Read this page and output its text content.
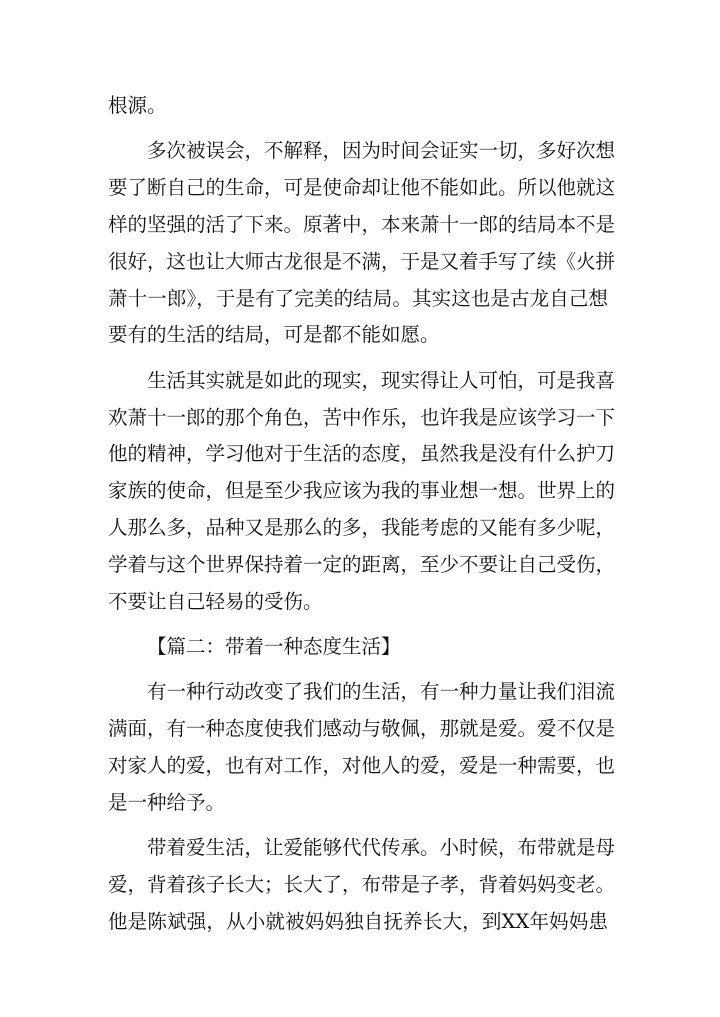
根源。
多次被误会，不解释，因为时间会证实一切，多好次想
要了断自己的生命，可是使命却让他不能如此。所以他就这
样的坚强的活了下来。原著中，本来萧十一郎的结局本不是
很好，这也让大师古龙很是不满，于是又着手写了续《火拼
萧十一郎》，于是有了完美的结局。其实这也是古龙自己想
要有的生活的结局，可是都不能如愿。
生活其实就是如此的现实，现实得让人可怕，可是我喜
欢萧十一郎的那个角色，苦中作乐，也许我是应该学习一下
他的精神，学习他对于生活的态度，虽然我是没有什么护刀
家族的使命，但是至少我应该为我的事业想一想。世界上的
人那么多，品种又是那么的多，我能考虑的又能有多少呢，
学着与这个世界保持着一定的距离，至少不要让自己受伤，
不要让自己轻易的受伤。
【篇二：带着一种态度生活】
有一种行动改变了我们的生活，有一种力量让我们泪流
满面，有一种态度使我们感动与敬佩，那就是爱。爱不仅是
对家人的爱，也有对工作，对他人的爱，爱是一种需要，也
是一种给予。
带着爱生活，让爱能够代代传承。小时候，布带就是母
爱，背着孩子长大；长大了，布带是子孝，背着妈妈变老。
他是陈斌强，从小就被妈妈独自抚养长大，到XX年妈妈患
